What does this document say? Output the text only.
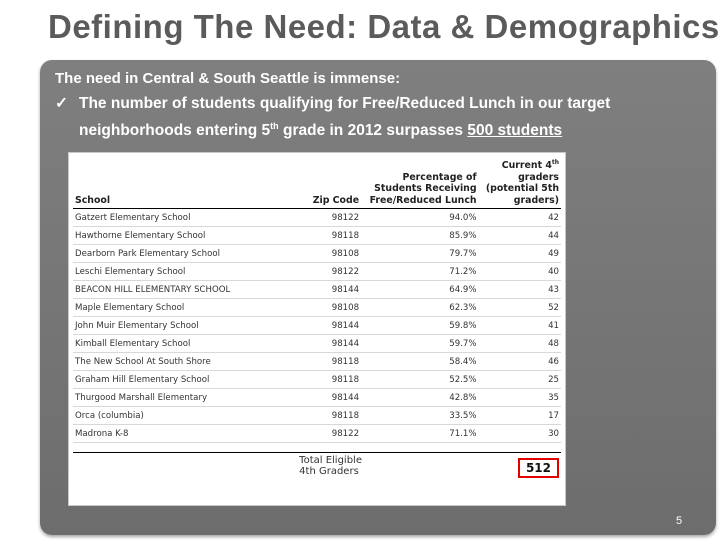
Defining The Need: Data & Demographics
The need in Central & South Seattle is immense:
✓ The number of students qualifying for Free/Reduced Lunch in our target neighborhoods entering 5th grade in 2012 surpasses 500 students
School	Zip Code	Percentage of
Students Receiving
Free/Reduced Lunch	Current 4th
graders
(potential 5th
graders)
Gatzert Elementary School	98122	94.0%	42
Hawthorne Elementary School	98118	85.9%	44
Dearborn Park Elementary School	98108	79.7%	49
Leschi Elementary School	98122	71.2%	40
BEACON HILL ELEMENTARY SCHOOL	98144	64.9%	43
Maple Elementary School	98108	62.3%	52
John Muir Elementary School	98144	59.8%	41
Kimball Elementary School	98144	59.7%	48
The New School At South Shore	98118	58.4%	46
Graham Hill Elementary School	98118	52.5%	25
Thurgood Marshall Elementary	98144	42.8%	35
Orca (columbia)	98118	33.5%	17
Madrona K-8	98122	71.1%	30

	Total Eligible
4th Graders		512
5
